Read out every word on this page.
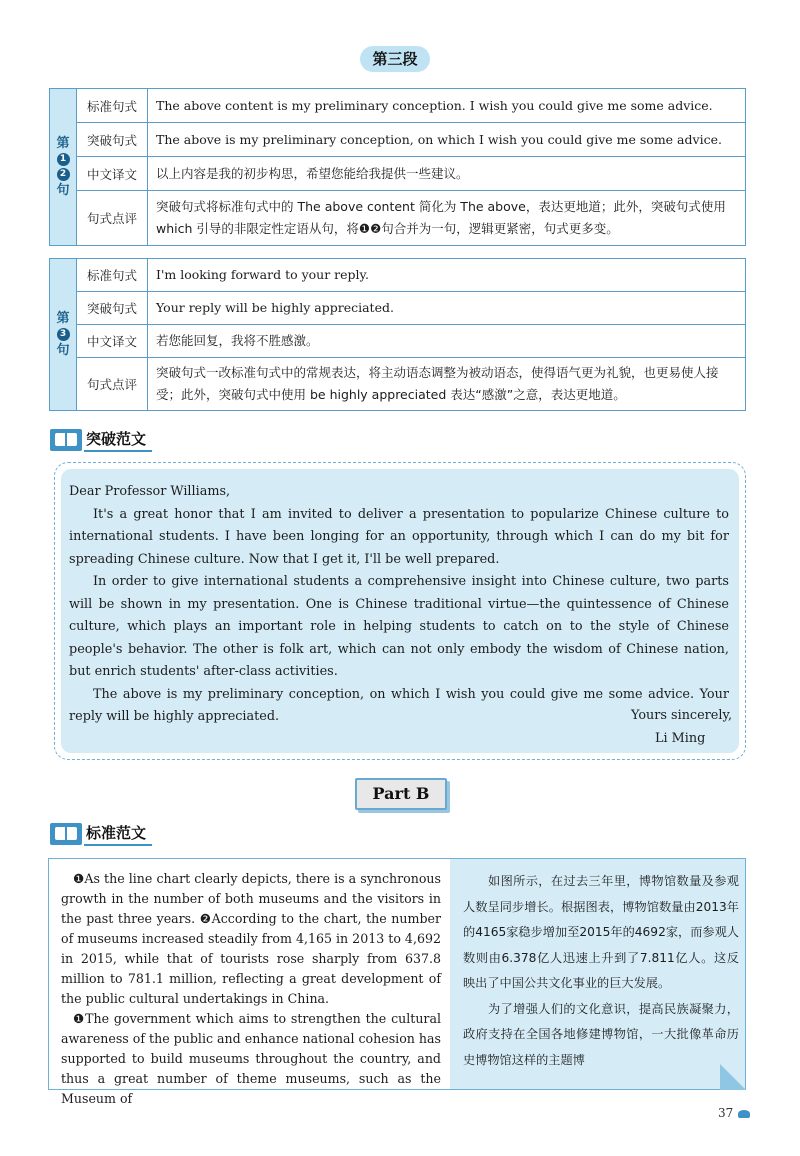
第三段
第
1
2
句
标准句式	The above content is my preliminary conception. I wish you could give me some advice.
突破句式	The above is my preliminary conception, on which I wish you could give me some advice.
中文译文	以上内容是我的初步构思，希望您能给我提供一些建议。
句式点评
突破句式将标准句式中的 The above content 简化为 The above，表达更地道；此外，突破句式使用 which 引导的非限定性定语从句，将❶❷句合并为一句，逻辑更紧密，句式更多变。
第
3
句
标准句式	I'm looking forward to your reply.
突破句式	Your reply will be highly appreciated.
中文译文	若您能回复，我将不胜感激。
句式点评
突破句式一改标准句式中的常规表达，将主动语态调整为被动语态，使得语气更为礼貌，也更易使人接受；此外，突破句式中使用 be highly appreciated 表达“感激”之意，表达更地道。
突破范文

Dear Professor Williams,

It's a great honor that I am invited to deliver a presentation to popularize Chinese culture to international students. I have been longing for an opportunity, through which I can do my bit for spreading Chinese culture. Now that I get it, I'll be well prepared.

In order to give international students a comprehensive insight into Chinese culture, two parts will be shown in my presentation. One is Chinese traditional virtue—the quintessence of Chinese culture, which plays an important role in helping students to catch on to the style of Chinese people's behavior. The other is folk art, which can not only embody the wisdom of Chinese nation, but enrich students' after-class activities.

The above is my preliminary conception, on which I wish you could give me some advice. Your reply will be highly appreciated.	Yours sincerely,
Li Ming
Part B
标准范文

❶As the line chart clearly depicts, there is a synchronous growth in the number of both museums and the visitors in the past three years. ❷According to the chart, the number of museums increased steadily from 4,165 in 2013 to 4,692 in 2015, while that of tourists rose sharply from 637.8 million to 781.1 million, reflecting a great development of the public cultural undertakings in China.

❶The government which aims to strengthen the cultural awareness of the public and enhance national cohesion has supported to build museums throughout the country, and thus a great number of theme museums, such as the Museum of

如图所示，在过去三年里，博物馆数量及参观人数呈同步增长。根据图表，博物馆数量由2013年的4165家稳步增加至2015年的4692家，而参观人数则由6.378亿人迅速上升到了7.811亿人。这反映出了中国公共文化事业的巨大发展。

为了增强人们的文化意识，提高民族凝聚力，政府支持在全国各地修建博物馆，一大批像革命历史博物馆这样的主题博

37
